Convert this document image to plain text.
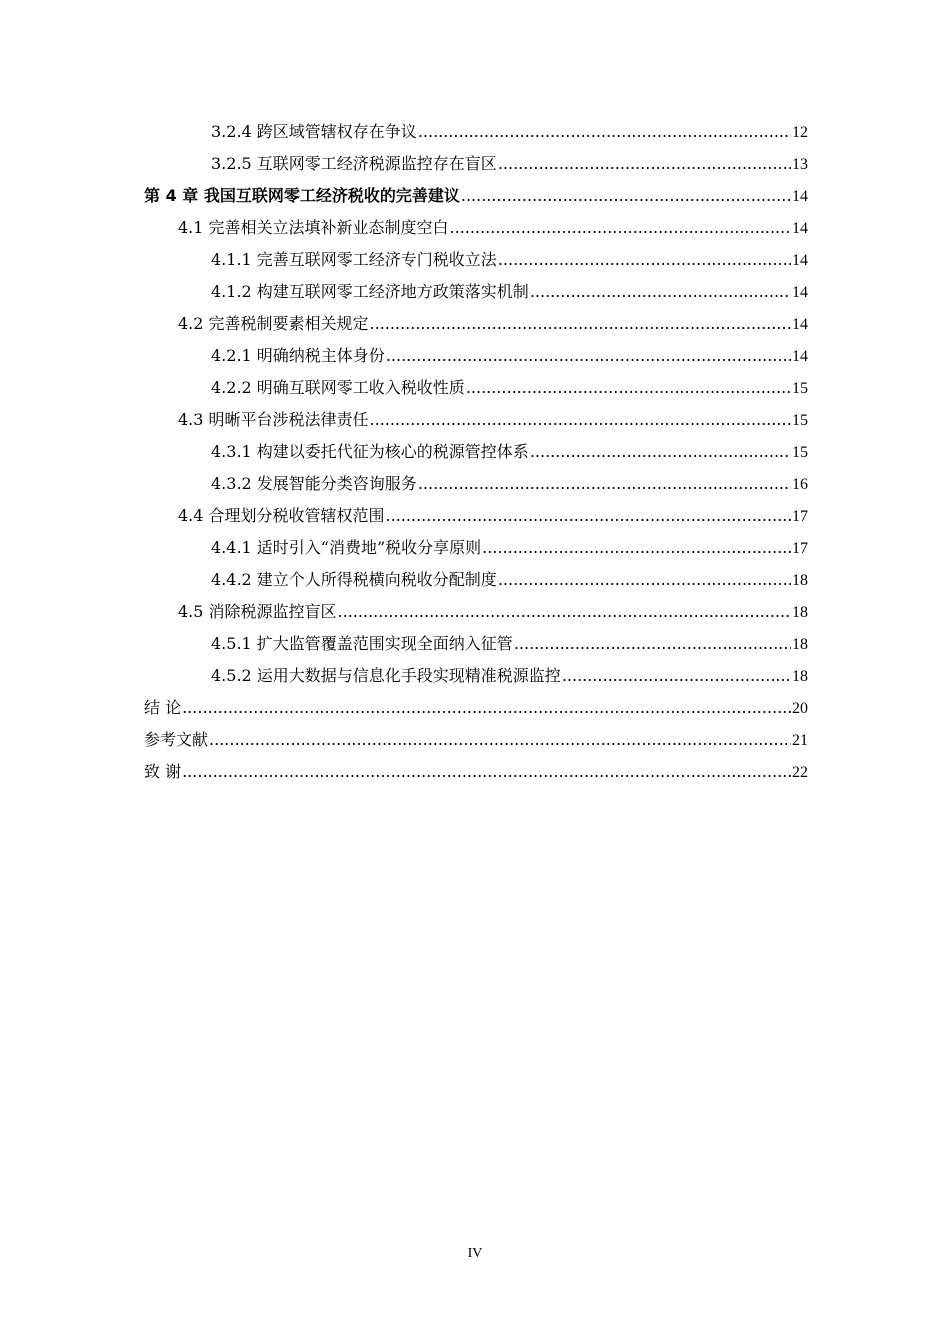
3.2.4 跨区域管辖权存在争议 .....	12
3.2.5 互联网零工经济税源监控存在盲区 .....	13
第 4 章 我国互联网零工经济税收的完善建议 .....	14
4.1 完善相关立法填补新业态制度空白 .....	14
4.1.1 完善互联网零工经济专门税收立法 .....	14
4.1.2 构建互联网零工经济地方政策落实机制 .....	14
4.2 完善税制要素相关规定 .....	14
4.2.1 明确纳税主体身份 .....	14
4.2.2 明确互联网零工收入税收性质 .....	15
4.3 明晰平台涉税法律责任 .....	15
4.3.1 构建以委托代征为核心的税源管控体系 .....	15
4.3.2 发展智能分类咨询服务 .....	16
4.4 合理划分税收管辖权范围 .....	17
4.4.1 适时引入“消费地”税收分享原则 .....	17
4.4.2 建立个人所得税横向税收分配制度 .....	18
4.5 消除税源监控盲区 .....	18
4.5.1 扩大监管覆盖范围实现全面纳入征管 .....	18
4.5.2 运用大数据与信息化手段实现精准税源监控 .....	18
结 论 .....	20
参考文献 .....	21
致 谢 .....	22
IV
